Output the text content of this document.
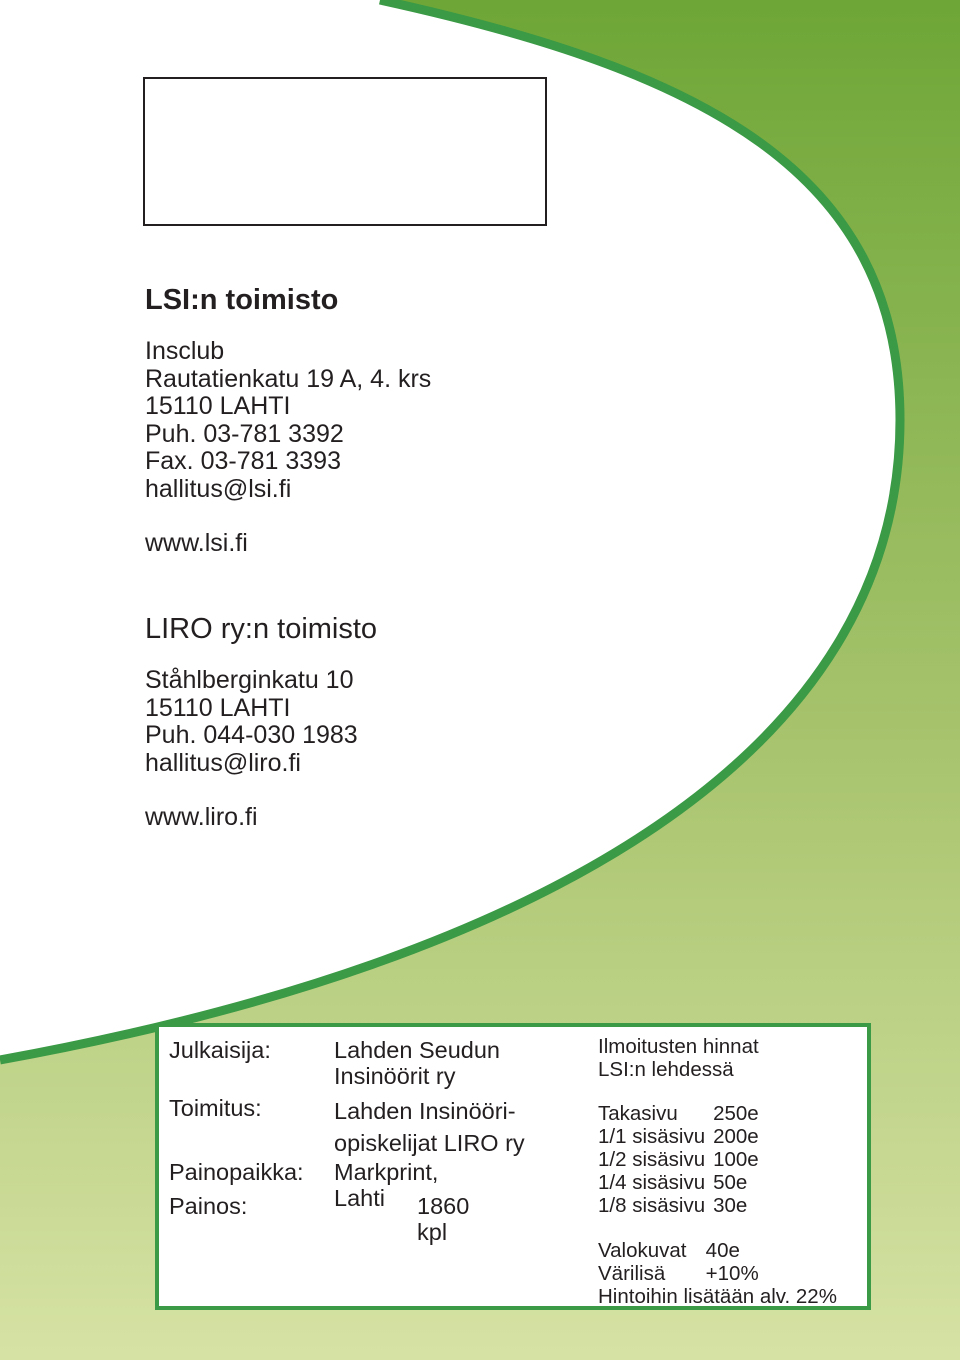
LSI:n toimisto
Insclub
Rautatienkatu 19 A, 4. krs
15110 LAHTI
Puh. 03-781 3392
Fax. 03-781 3393
hallitus@lsi.fi
www.lsi.fi
LIRO ry:n toimisto
Ståhlberginkatu 10
15110 LAHTI
Puh. 044-030 1983
hallitus@liro.fi
www.liro.fi
Julkaisija:	Lahden Seudun
Insinöörit ry
Toimitus:	Lahden Insinööri-
opiskelijat LIRO ry
Painopaikka: Markprint, Lahti
Painos:	1860 kpl
Ilmoitusten hinnat
LSI:n lehdessä
Takasivu	250e
1/1 sisäsivu	200e
1/2 sisäsivu	100e
1/4 sisäsivu	50e
1/8 sisäsivu	30e
Valokuvat	40e
Värilisä	+10%
Hintoihin lisätään alv. 22%
